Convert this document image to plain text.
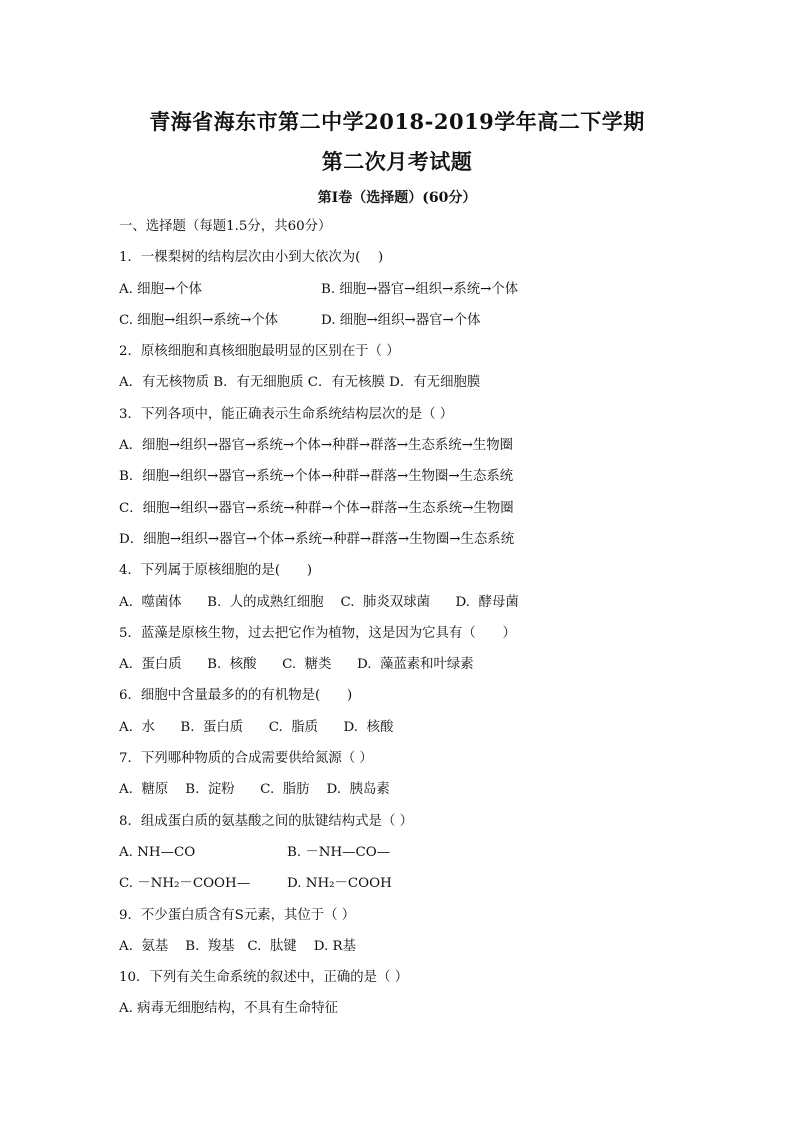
青海省海东市第二中学2018-2019学年高二下学期
第二次月考试题
第I卷（选择题）(60分）
一、选择题（每题1.5分，共60分）
1．一棵梨树的结构层次由小到大依次为(　 )
A. 细胞→个体	B. 细胞→器官→组织→系统→个体
C. 细胞→组织→系统→个体	D. 细胞→组织→器官→个体
2．原核细胞和真核细胞最明显的区别在于（ ）
A．有无核物质 B．有无细胞质 C．有无核膜 D．有无细胞膜
3．下列各项中，能正确表示生命系统结构层次的是（ ）
A．细胞→组织→器官→系统→个体→种群→群落→生态系统→生物圈
B．细胞→组织→器官→系统→个体→种群→群落→生物圈→生态系统
C．细胞→组织→器官→系统→种群→个体→群落→生态系统→生物圈
D．细胞→组织→器官→个体→系统→种群→群落→生物圈→生态系统
4．下列属于原核细胞的是(　　)
A.  噬菌体      B.  人的成熟红细胞    C.  肺炎双球菌      D.  酵母菌
5．蓝藻是原核生物，过去把它作为植物，这是因为它具有（　　）
A.  蛋白质      B.  核酸      C.  糖类      D.  藻蓝素和叶绿素
6．细胞中含量最多的的有机物是(　　)
A.  水      B.  蛋白质      C.  脂质      D.  核酸
7．下列哪种物质的合成需要供给氮源（ ）
A.  糖原    B.  淀粉      C.  脂肪    D.  胰岛素
8．组成蛋白质的氨基酸之间的肽键结构式是（ ）
A. NH—CO	B. －NH—CO—
C. －NH₂－COOH—	D. NH₂－COOH
9．不少蛋白质含有S元素，其位于（ ）
A.  氨基    B.  羧基   C.  肽键    D. R基
10．下列有关生命系统的叙述中，正确的是（ ）
A. 病毒无细胞结构，不具有生命特征
